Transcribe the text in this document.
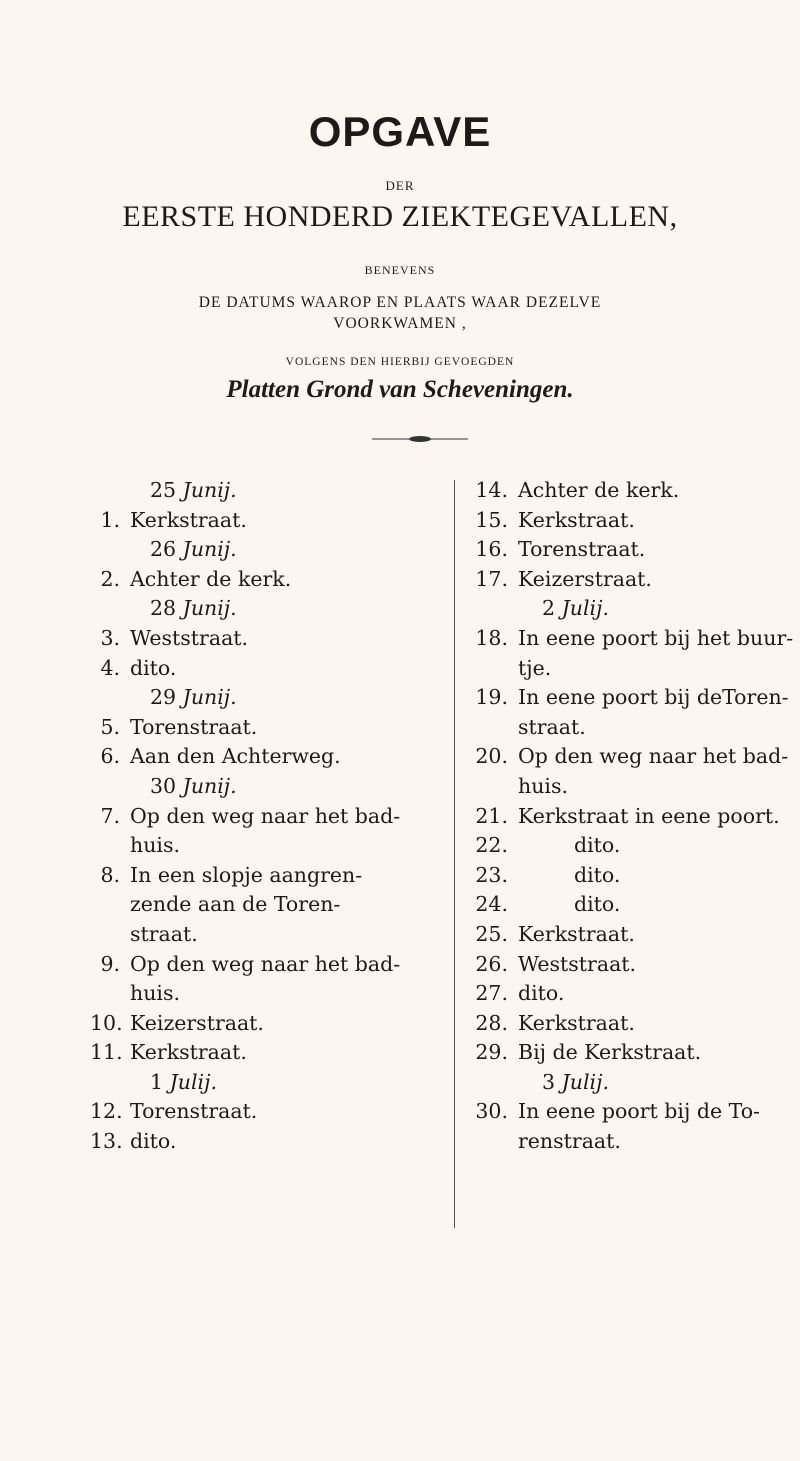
OPGAVE
DER
EERSTE HONDERD ZIEKTEGEVALLEN,
BENEVENS
DE DATUMS WAAROP EN PLAATS WAAR DEZELVE
VOORKWAMEN ,
VOLGENS DEN HIERBIJ GEVOEGDEN
Platten Grond van Scheveningen.
25 Junij.
1. Kerkstraat.
26 Junij.
2. Achter de kerk.
28 Junij.
3. Weststraat.
4. dito.
29 Junij.
5. Torenstraat.
6. Aan den Achterweg.
30 Junij.
7. Op den weg naar het bad-
huis.
8. In een slopje aangren-
zende aan de Toren-
straat.
9. Op den weg naar het bad-
huis.
10. Keizerstraat.
11. Kerkstraat.
1 Julij.
12. Torenstraat.
13. dito.
14. Achter de kerk.
15. Kerkstraat.
16. Torenstraat.
17. Keizerstraat.
2 Julij.
18. In eene poort bij het buur-
tje.
19. In eene poort bij deToren-
straat.
20. Op den weg naar het bad-
huis.
21. Kerkstraat in eene poort.
22.	dito.
23.	dito.
24.	dito.
25. Kerkstraat.
26. Weststraat.
27. dito.
28. Kerkstraat.
29. Bij de Kerkstraat.
3 Julij.
30. In eene poort bij de To-
renstraat.
